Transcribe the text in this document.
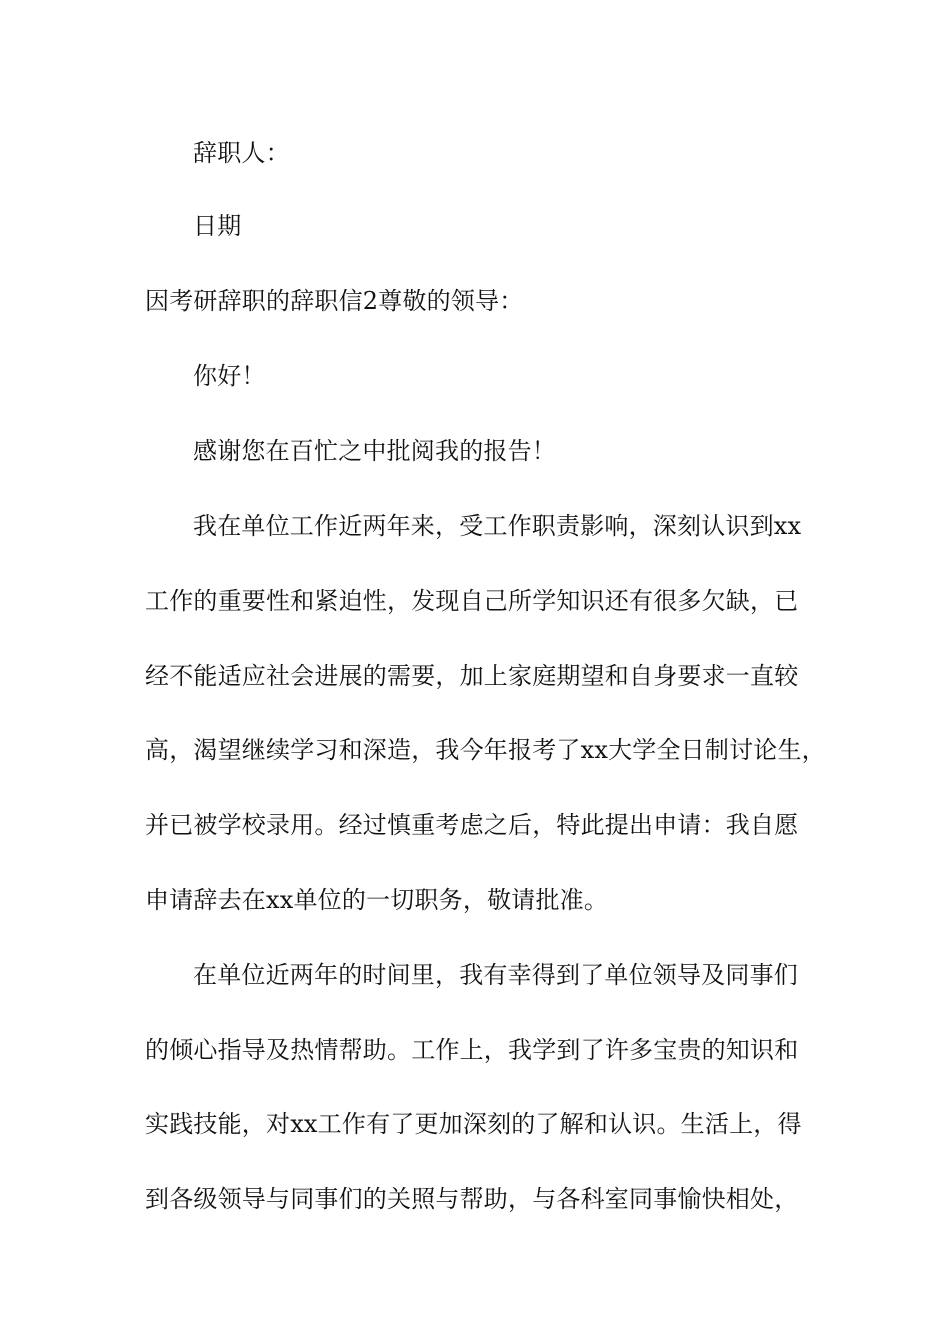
辞职人：
日期
因考研辞职的辞职信2尊敬的领导：
你好！
感谢您在百忙之中批阅我的报告！
我在单位工作近两年来，受工作职责影响，深刻认识到xx
工作的重要性和紧迫性，发现自己所学知识还有很多欠缺，已
经不能适应社会进展的需要，加上家庭期望和自身要求一直较
高，渴望继续学习和深造，我今年报考了xx大学全日制讨论生，
并已被学校录用。经过慎重考虑之后，特此提出申请：我自愿
申请辞去在xx单位的一切职务，敬请批准。
在单位近两年的时间里，我有幸得到了单位领导及同事们
的倾心指导及热情帮助。工作上，我学到了许多宝贵的知识和
实践技能，对xx工作有了更加深刻的了解和认识。生活上，得
到各级领导与同事们的关照与帮助，与各科室同事愉快相处，
